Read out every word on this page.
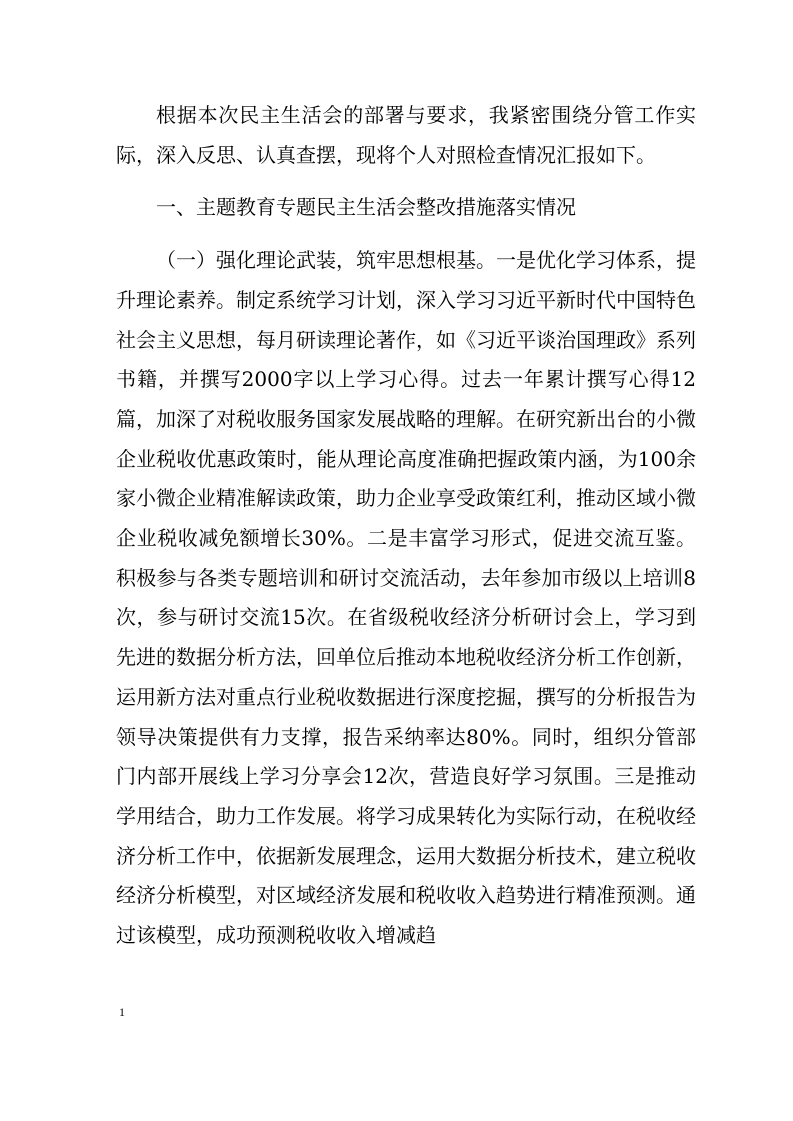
根据本次民主生活会的部署与要求，我紧密围绕分管工作实际，深入反思、认真查摆，现将个人对照检查情况汇报如下。

一、主题教育专题民主生活会整改措施落实情况

（一）强化理论武装，筑牢思想根基。一是优化学习体系，提升理论素养。制定系统学习计划，深入学习习近平新时代中国特色社会主义思想，每月研读理论著作，如《习近平谈治国理政》系列书籍，并撰写2000字以上学习心得。过去一年累计撰写心得12篇，加深了对税收服务国家发展战略的理解。在研究新出台的小微企业税收优惠政策时，能从理论高度准确把握政策内涵，为100余家小微企业精准解读政策，助力企业享受政策红利，推动区域小微企业税收减免额增长30%。二是丰富学习形式，促进交流互鉴。积极参与各类专题培训和研讨交流活动，去年参加市级以上培训8次，参与研讨交流15次。在省级税收经济分析研讨会上，学习到先进的数据分析方法，回单位后推动本地税收经济分析工作创新，运用新方法对重点行业税收数据进行深度挖掘，撰写的分析报告为领导决策提供有力支撑，报告采纳率达80%。同时，组织分管部门内部开展线上学习分享会12次，营造良好学习氛围。三是推动学用结合，助力工作发展。将学习成果转化为实际行动，在税收经济分析工作中，依据新发展理念，运用大数据分析技术，建立税收经济分析模型，对区域经济发展和税收收入趋势进行精准预测。通过该模型，成功预测税收收入增减趋

1
